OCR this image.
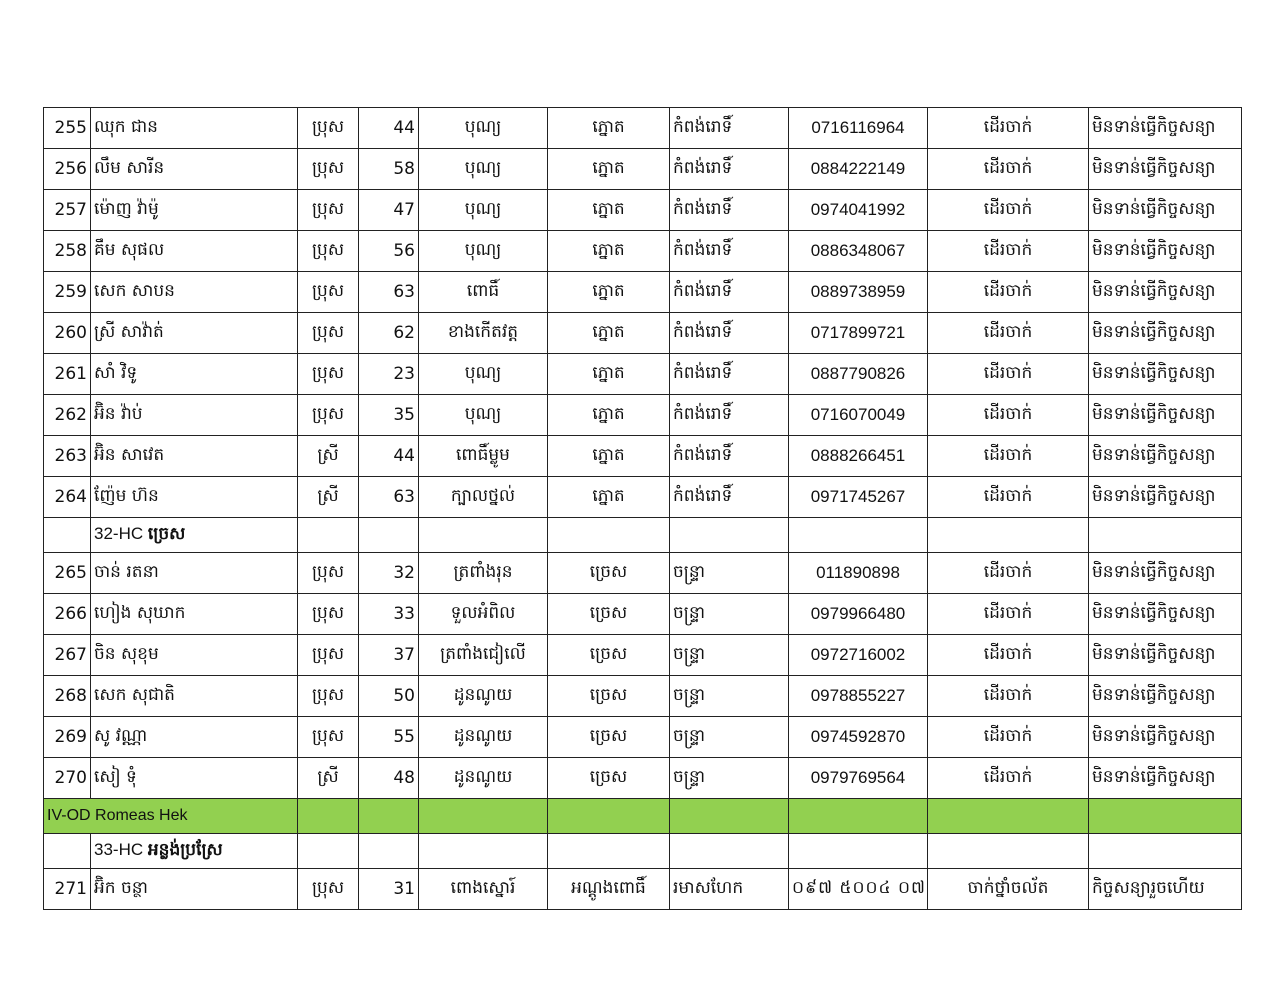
255	ឈុក ជាន	ប្រុស	44	បុណ្យ	ភ្នោត	កំពង់រោទិ៍	0716116964	ដើរចាក់	មិនទាន់ធ្វើកិច្ចសន្យា
256	លឹម សារីន	ប្រុស	58	បុណ្យ	ភ្នោត	កំពង់រោទិ៍	0884222149	ដើរចាក់	មិនទាន់ធ្វើកិច្ចសន្យា
257	ម៉ោញ វ៉ាម៉ូ	ប្រុស	47	បុណ្យ	ភ្នោត	កំពង់រោទិ៍	0974041992	ដើរចាក់	មិនទាន់ធ្វើកិច្ចសន្យា
258	គឹម សុផល	ប្រុស	56	បុណ្យ	ភ្នោត	កំពង់រោទិ៍	0886348067	ដើរចាក់	មិនទាន់ធ្វើកិច្ចសន្យា
259	សេក សាបន	ប្រុស	63	ពោធិ៍	ភ្នោត	កំពង់រោទិ៍	0889738959	ដើរចាក់	មិនទាន់ធ្វើកិច្ចសន្យា
260	ស្រី សាវ៉ាត់	ប្រុស	62	ខាងកើតវត្ត	ភ្នោត	កំពង់រោទិ៍	0717899721	ដើរចាក់	មិនទាន់ធ្វើកិច្ចសន្យា
261	សាំ វិទូ	ប្រុស	23	បុណ្យ	ភ្នោត	កំពង់រោទិ៍	0887790826	ដើរចាក់	មិនទាន់ធ្វើកិច្ចសន្យា
262	អ៊ិន វ៉ាប់	ប្រុស	35	បុណ្យ	ភ្នោត	កំពង់រោទិ៍	0716070049	ដើរចាក់	មិនទាន់ធ្វើកិច្ចសន្យា
263	អ៊ិន សាវេត	ស្រី	44	ពោធិ៍ម្លូម	ភ្នោត	កំពង់រោទិ៍	0888266451	ដើរចាក់	មិនទាន់ធ្វើកិច្ចសន្យា
264	ញ៉ែម ហ៊ន	ស្រី	63	ក្បាលថ្នល់	ភ្នោត	កំពង់រោទិ៍	0971745267	ដើរចាក់	មិនទាន់ធ្វើកិច្ចសន្យា
	32-HC ច្រេស								
265	ចាន់ រតនា	ប្រុស	32	ត្រពាំងរុន	ច្រេស	ចន្ទ្រា	011890898	ដើរចាក់	មិនទាន់ធ្វើកិច្ចសន្យា
266	ហៀង សុឃាក	ប្រុស	33	ទួលអំពិល	ច្រេស	ចន្ទ្រា	0979966480	ដើរចាក់	មិនទាន់ធ្វើកិច្ចសន្យា
267	ចិន សុខុម	ប្រុស	37	ត្រពាំងជៀលើ	ច្រេស	ចន្ទ្រា	0972716002	ដើរចាក់	មិនទាន់ធ្វើកិច្ចសន្យា
268	សេក សុជាតិ	ប្រុស	50	ដូនណូយ	ច្រេស	ចន្ទ្រា	0978855227	ដើរចាក់	មិនទាន់ធ្វើកិច្ចសន្យា
269	សូ វណ្ណា	ប្រុស	55	ដូនណូយ	ច្រេស	ចន្ទ្រា	0974592870	ដើរចាក់	មិនទាន់ធ្វើកិច្ចសន្យា
270	សៀ ទុំ	ស្រី	48	ដូនណូយ	ច្រេស	ចន្ទ្រា	0979769564	ដើរចាក់	មិនទាន់ធ្វើកិច្ចសន្យា
IV-OD Romeas Hek									
	33-HC អន្លង់ប្រស្រែ								
271	អ៊ិក ចន្ថា	ប្រុស	31	ពោងស្នោរ៍	អណ្ដូងពោធិ៍	រមាសហែក	០៩៧ ៥០០៤ ០៧	ចាក់ថ្នាំចល័ត	កិច្ចសន្យារួចហើយ
